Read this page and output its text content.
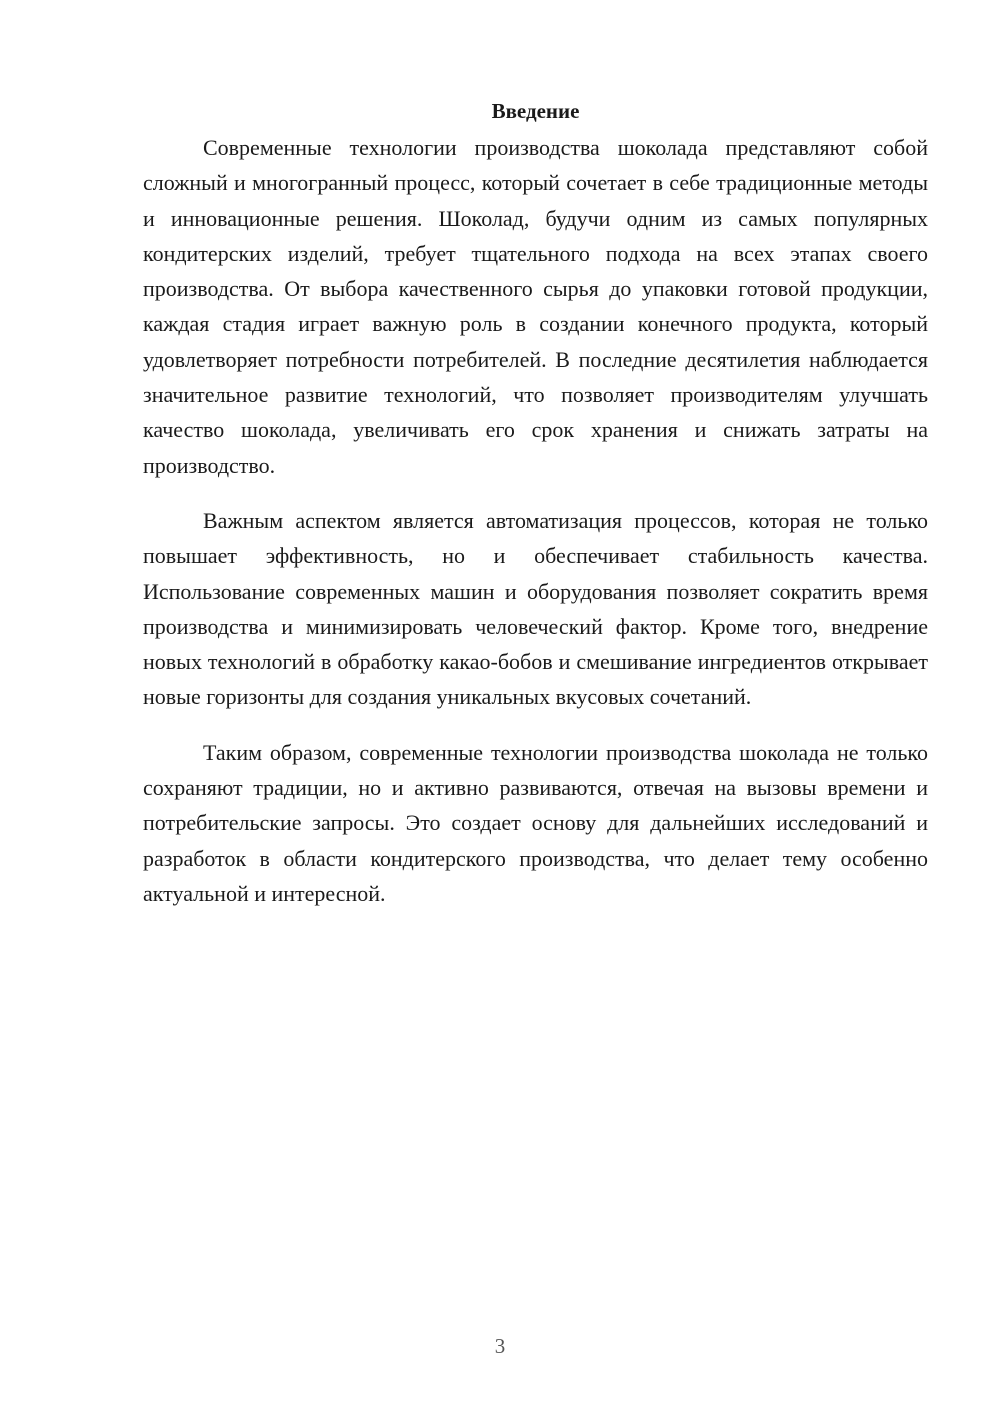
Введение

Современные технологии производства шоколада представляют собой сложный и многогранный процесс, который сочетает в себе традиционные методы и инновационные решения. Шоколад, будучи одним из самых популярных кондитерских изделий, требует тщательного подхода на всех этапах своего производства. От выбора качественного сырья до упаковки готовой продукции, каждая стадия играет важную роль в создании конечного продукта, который удовлетворяет потребности потребителей. В последние десятилетия наблюдается значительное развитие технологий, что позволяет производителям улучшать качество шоколада, увеличивать его срок хранения и снижать затраты на производство.

Важным аспектом является автоматизация процессов, которая не только повышает эффективность, но и обеспечивает стабильность качества. Использование современных машин и оборудования позволяет сократить время производства и минимизировать человеческий фактор. Кроме того, внедрение новых технологий в обработку какао-бобов и смешивание ингредиентов открывает новые горизонты для создания уникальных вкусовых сочетаний.

Таким образом, современные технологии производства шоколада не только сохраняют традиции, но и активно развиваются, отвечая на вызовы времени и потребительские запросы. Это создает основу для дальнейших исследований и разработок в области кондитерского производства, что делает тему особенно актуальной и интересной.

3
